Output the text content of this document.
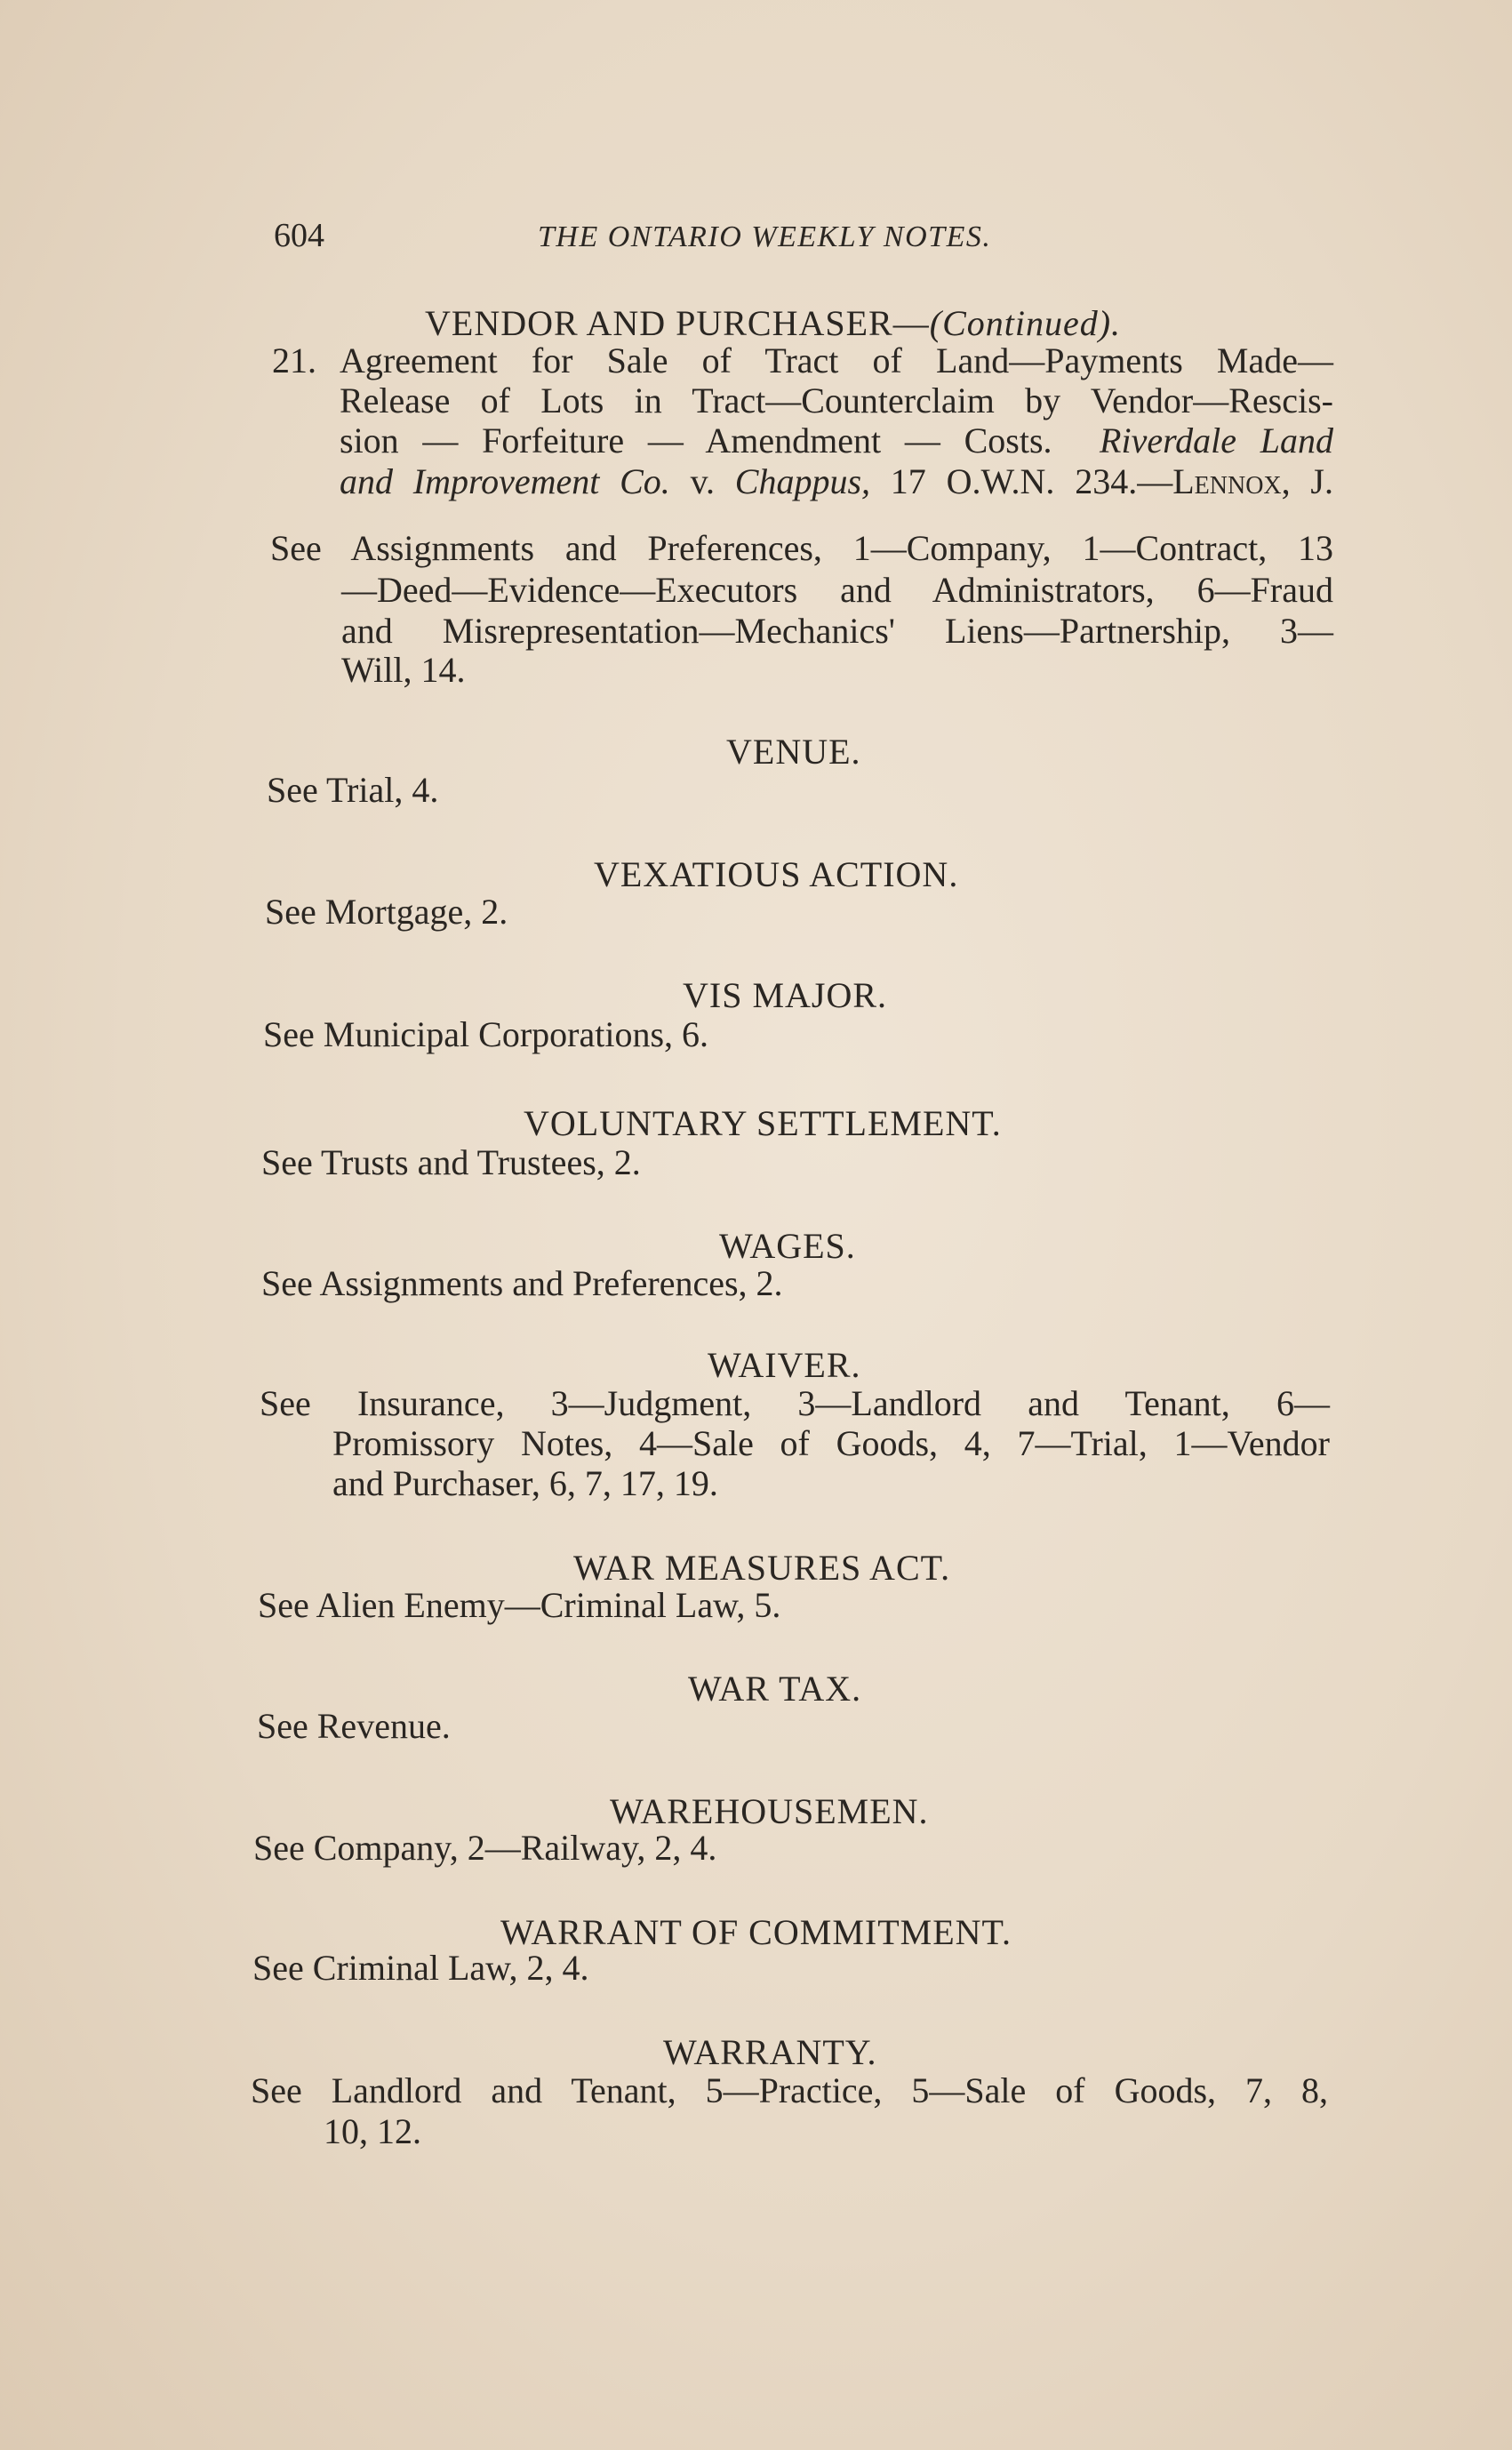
604	THE ONTARIO WEEKLY NOTES.
VENDOR AND PURCHASER—(Continued).
21. Agreement for Sale of Tract of Land—Payments Made—
Release of Lots in Tract—Counterclaim by Vendor—Rescis-
sion — Forfeiture — Amendment — Costs. Riverdale Land
and Improvement Co. v. Chappus, 17 O.W.N. 234.—Lennox, J.
See Assignments and Preferences, 1—Company, 1—Contract, 13
—Deed—Evidence—Executors and Administrators, 6—Fraud
and Misrepresentation—Mechanics' Liens—Partnership, 3—
Will, 14.
VENUE.
See Trial, 4.
VEXATIOUS ACTION.
See Mortgage, 2.
VIS MAJOR.
See Municipal Corporations, 6.
VOLUNTARY SETTLEMENT.
See Trusts and Trustees, 2.
WAGES.
See Assignments and Preferences, 2.
WAIVER.
See Insurance, 3—Judgment, 3—Landlord and Tenant, 6—
Promissory Notes, 4—Sale of Goods, 4, 7—Trial, 1—Vendor
and Purchaser, 6, 7, 17, 19.
WAR MEASURES ACT.
See Alien Enemy—Criminal Law, 5.
WAR TAX.
See Revenue.
WAREHOUSEMEN.
See Company, 2—Railway, 2, 4.
WARRANT OF COMMITMENT.
See Criminal Law, 2, 4.
WARRANTY.
See Landlord and Tenant, 5—Practice, 5—Sale of Goods, 7, 8,
10, 12.
